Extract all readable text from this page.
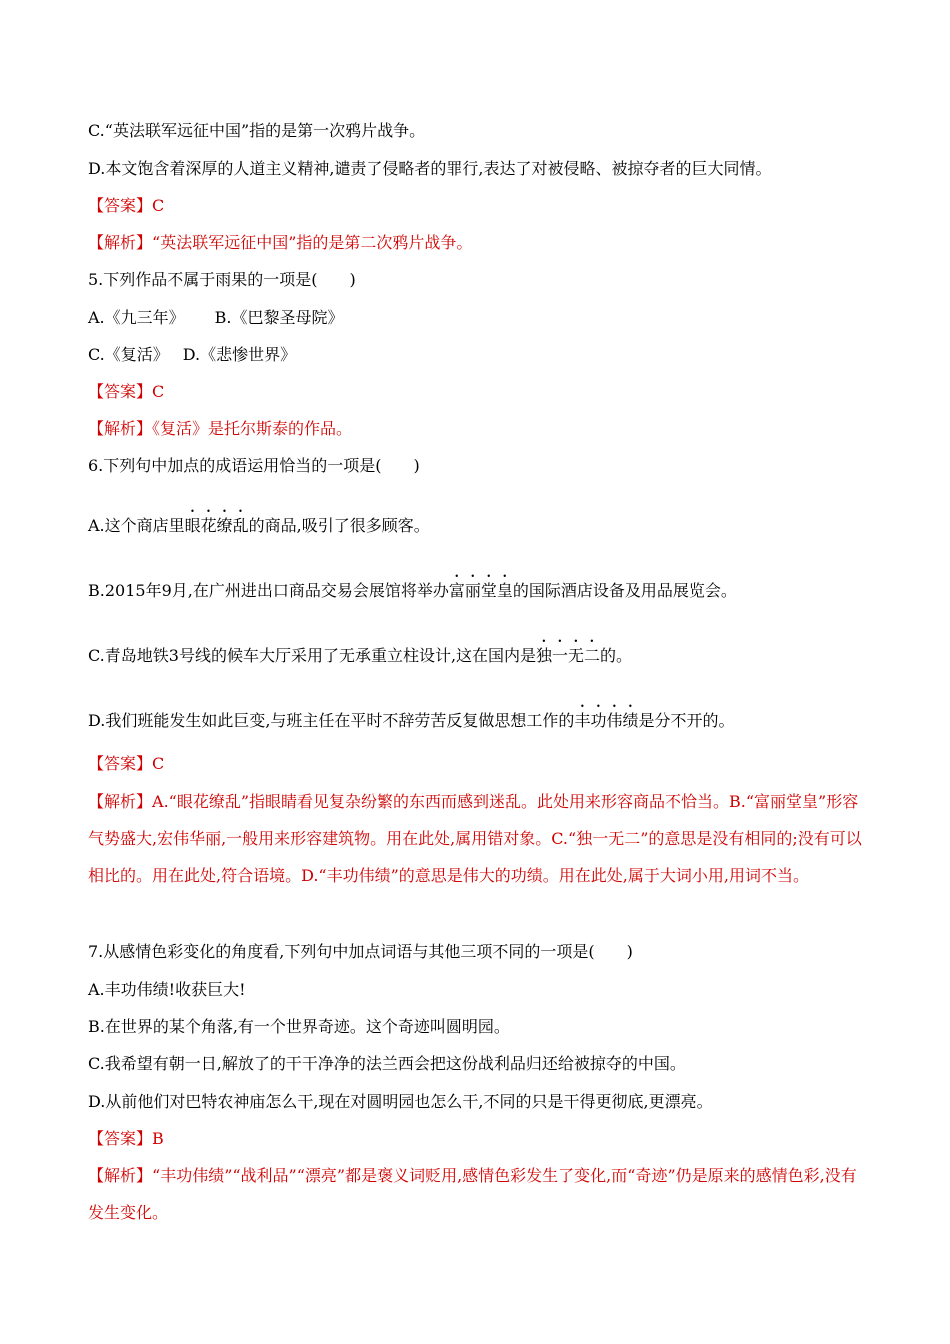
C.“英法联军远征中国”指的是第一次鸦片战争。
D.本文饱含着深厚的人道主义精神,谴责了侵略者的罪行,表达了对被侵略、被掠夺者的巨大同情。
【答案】C
【解析】“英法联军远征中国”指的是第二次鸦片战争。
5.下列作品不属于雨果的一项是(　　)
A.《九三年》 B.《巴黎圣母院》
C.《复活》 D.《悲惨世界》
【答案】C
【解析】《复活》是托尔斯泰的作品。
6.下列句中加点的成语运用恰当的一项是(　　)
A.这个商店里眼花缭乱的商品,吸引了很多顾客。
B.2015年9月,在广州进出口商品交易会展馆将举办富丽堂皇的国际酒店设备及用品展览会。
C.青岛地铁3号线的候车大厅采用了无承重立柱设计,这在国内是独一无二的。
D.我们班能发生如此巨变,与班主任在平时不辞劳苦反复做思想工作的丰功伟绩是分不开的。
【答案】C
【解析】A.“眼花缭乱”指眼睛看见复杂纷繁的东西而感到迷乱。此处用来形容商品不恰当。B.“富丽堂皇”形容气势盛大,宏伟华丽,一般用来形容建筑物。用在此处,属用错对象。C.“独一无二”的意思是没有相同的;没有可以相比的。用在此处,符合语境。D.“丰功伟绩”的意思是伟大的功绩。用在此处,属于大词小用,用词不当。
7.从感情色彩变化的角度看,下列句中加点词语与其他三项不同的一项是(　　)
A.丰功伟绩!收获巨大!
B.在世界的某个角落,有一个世界奇迹。这个奇迹叫圆明园。
C.我希望有朝一日,解放了的干干净净的法兰西会把这份战利品归还给被掠夺的中国。
D.从前他们对巴特农神庙怎么干,现在对圆明园也怎么干,不同的只是干得更彻底,更漂亮。
【答案】B
【解析】“丰功伟绩”“战利品”“漂亮”都是褒义词贬用,感情色彩发生了变化,而“奇迹”仍是原来的感情色彩,没有发生变化。
